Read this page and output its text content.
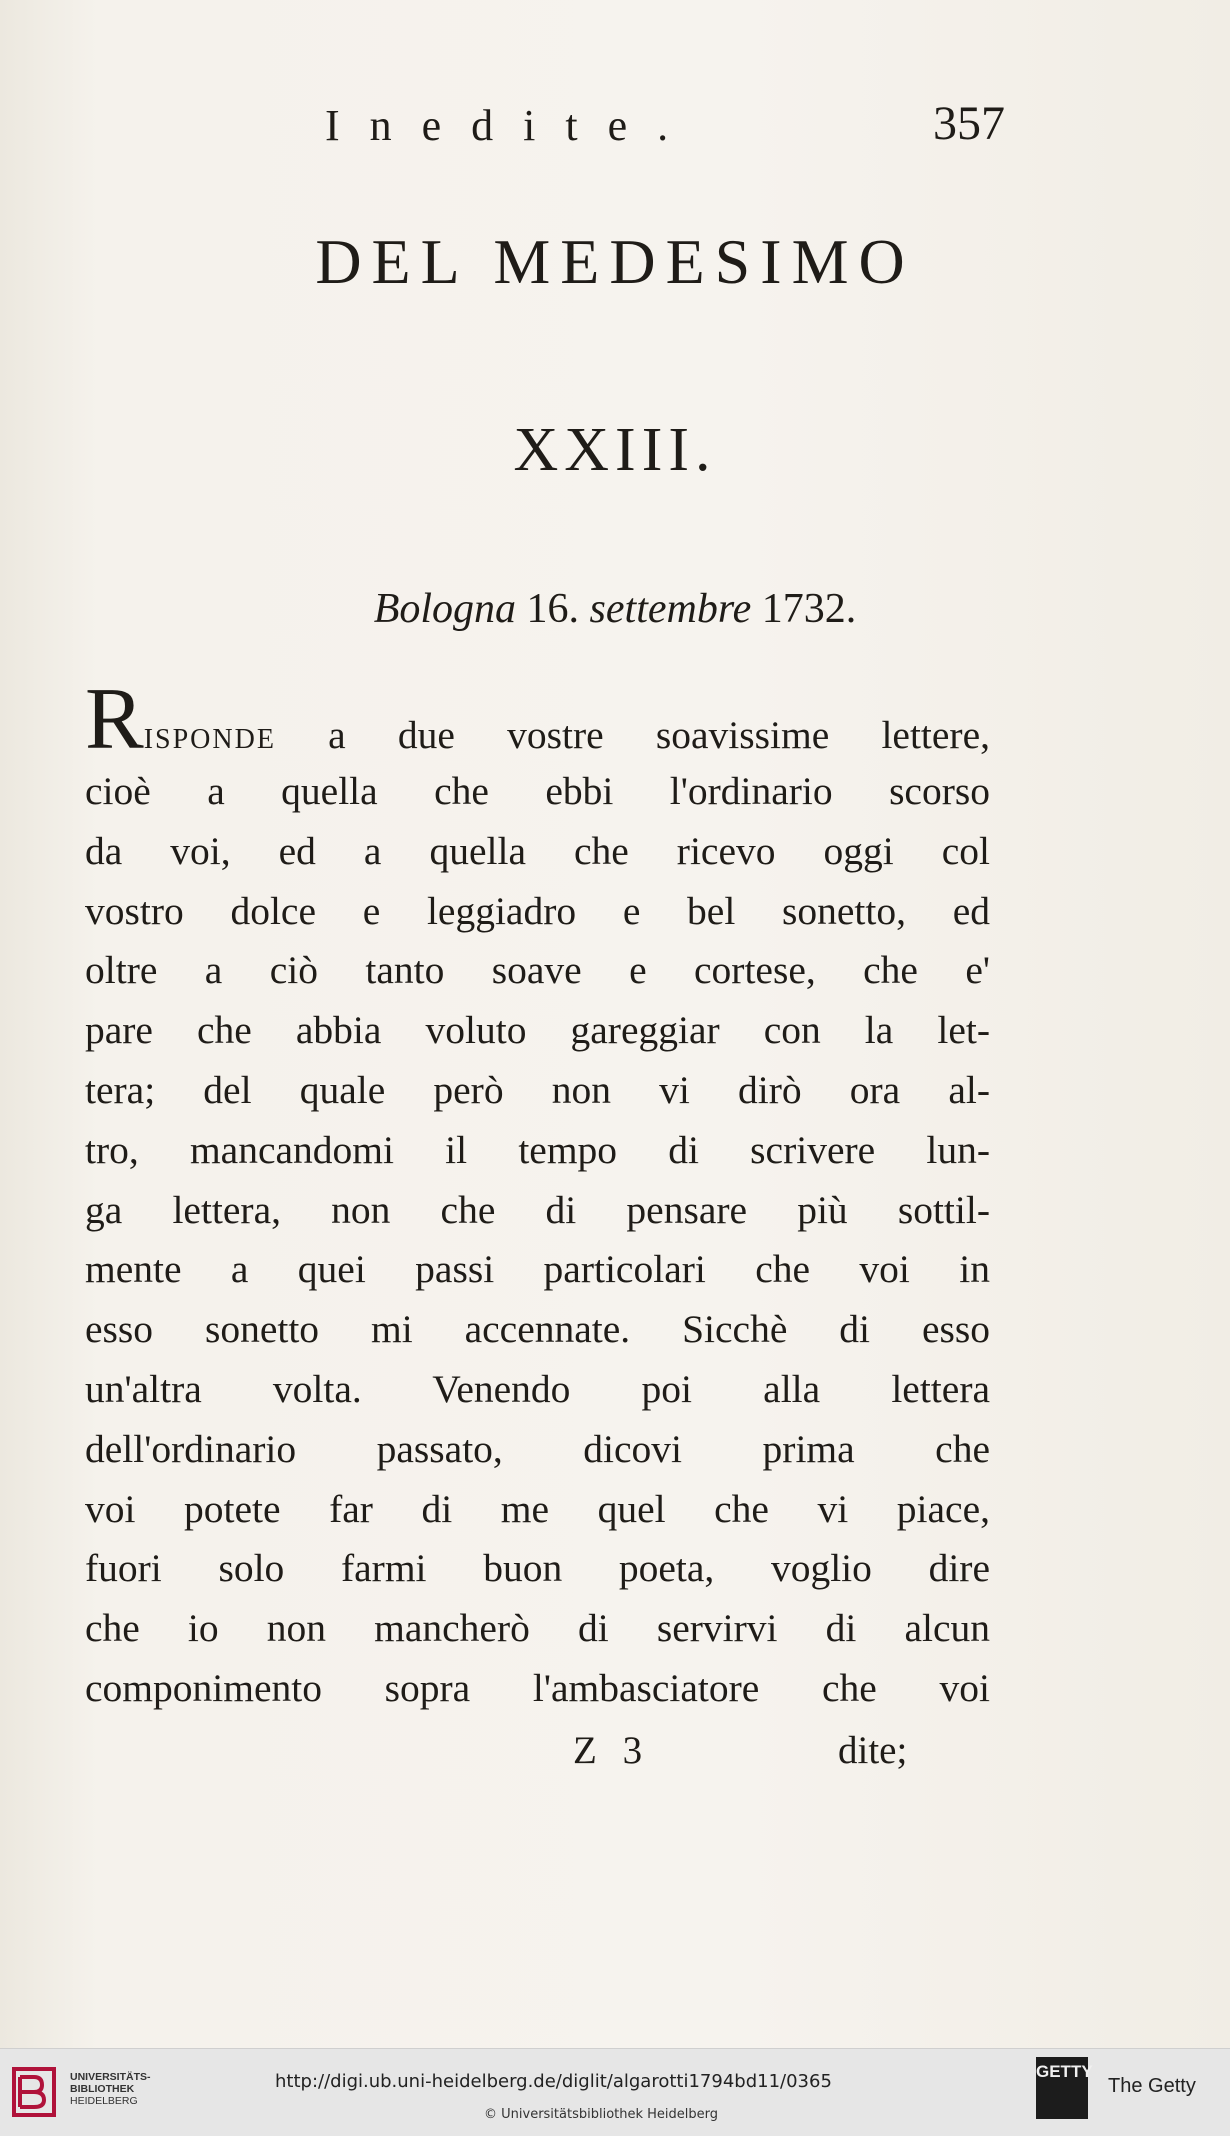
Inedite.	357
DEL MEDESIMO
XXIII.
Bologna 16. settembre 1732.
Risponde a due vostre soavissime lettere,
cioè a quella che ebbi l'ordinario scorso
da voi, ed a quella che ricevo oggi col
vostro dolce e leggiadro e bel sonetto, ed
oltre a ciò tanto soave e cortese, che e'
pare che abbia voluto gareggiar con la let-
tera; del quale però non vi dirò ora al-
tro, mancandomi il tempo di scrivere lun-
ga lettera, non che di pensare più sottil-
mente a quei passi particolari che voi in
esso sonetto mi accennate. Sicchè di esso
un'altra volta. Venendo poi alla lettera
dell'ordinario passato, dicovi prima che
voi potete far di me quel che vi piace,
fuori solo farmi buon poeta, voglio dire
che io non mancherò di servirvi di alcun
componimento sopra l'ambasciatore che voi
Z 3	dite;
UNIVERSITÄTS-
BIBLIOTHEK
HEIDELBERG
http://digi.ub.uni-heidelberg.de/diglit/algarotti1794bd11/0365
© Universitätsbibliothek Heidelberg
GETTY
The Getty
